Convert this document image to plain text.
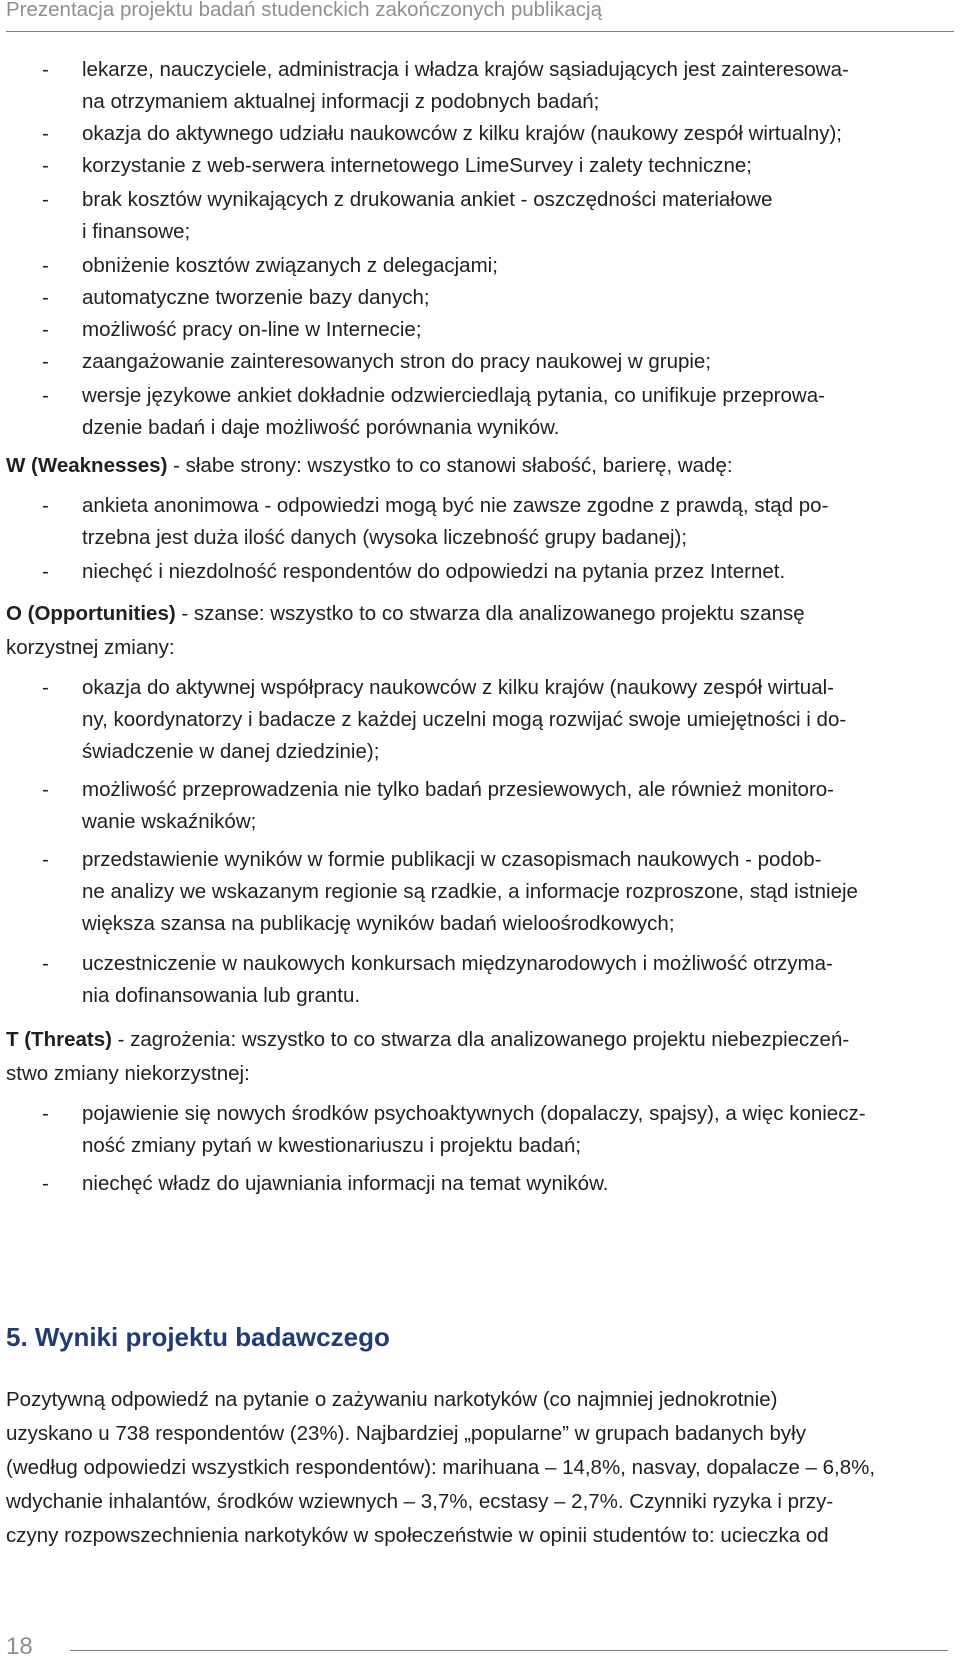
Prezentacja projektu badań studenckich zakończonych publikacją
- lekarze, nauczyciele, administracja i władza krajów sąsiadujących jest zainteresowa-
na otrzymaniem aktualnej informacji z podobnych badań;
- okazja do aktywnego udziału naukowców z kilku krajów (naukowy zespół wirtualny);
- korzystanie z web-serwera internetowego LimeSurvey i zalety techniczne;
- brak kosztów wynikających z drukowania ankiet - oszczędności materiałowe
i finansowe;
- obniżenie kosztów związanych z delegacjami;
- automatyczne tworzenie bazy danych;
- możliwość pracy on-line w Internecie;
- zaangażowanie zainteresowanych stron do pracy naukowej w grupie;
- wersje językowe ankiet dokładnie odzwierciedlają pytania, co unifikuje przeprowa-
dzenie badań i daje możliwość porównania wyników.
W (Weaknesses) - słabe strony: wszystko to co stanowi słabość, barierę, wadę:
- ankieta anonimowa - odpowiedzi mogą być nie zawsze zgodne z prawdą, stąd po-
trzebna jest duża ilość danych (wysoka liczebność grupy badanej);
- niechęć i niezdolność respondentów do odpowiedzi na pytania przez Internet.
O (Opportunities) - szanse: wszystko to co stwarza dla analizowanego projektu szansę
korzystnej zmiany:
- okazja do aktywnej współpracy naukowców z kilku krajów (naukowy zespół wirtual-
ny, koordynatorzy i badacze z każdej uczelni mogą rozwijać swoje umiejętności i do-
świadczenie w danej dziedzinie);
- możliwość przeprowadzenia nie tylko badań przesiewowych, ale również monitoro-
wanie wskaźników;
- przedstawienie wyników w formie publikacji w czasopismach naukowych - podob-
ne analizy we wskazanym regionie są rzadkie, a informacje rozproszone, stąd istnieje
większa szansa na publikację wyników badań wieloośrodkowych;
- uczestniczenie w naukowych konkursach międzynarodowych i możliwość otrzyma-
nia dofinansowania lub grantu.
T (Threats) - zagrożenia: wszystko to co stwarza dla analizowanego projektu niebezpieczeń-
stwo zmiany niekorzystnej:
- pojawienie się nowych środków psychoaktywnych (dopalaczy, spajsy), a więc koniecz-
ność zmiany pytań w kwestionariuszu i projektu badań;
- niechęć władz do ujawniania informacji na temat wyników.
5. Wyniki projektu badawczego
Pozytywną odpowiedź na pytanie o zażywaniu narkotyków (co najmniej jednokrotnie)
uzyskano u 738 respondentów (23%). Najbardziej „popularne” w grupach badanych były
(według odpowiedzi wszystkich respondentów): marihuana – 14,8%, nasvay, dopalacze – 6,8%,
wdychanie inhalantów, środków wziewnych – 3,7%, ecstasy – 2,7%. Czynniki ryzyka i przy-
czyny rozpowszechnienia narkotyków w społeczeństwie w opinii studentów to: ucieczka od
18
